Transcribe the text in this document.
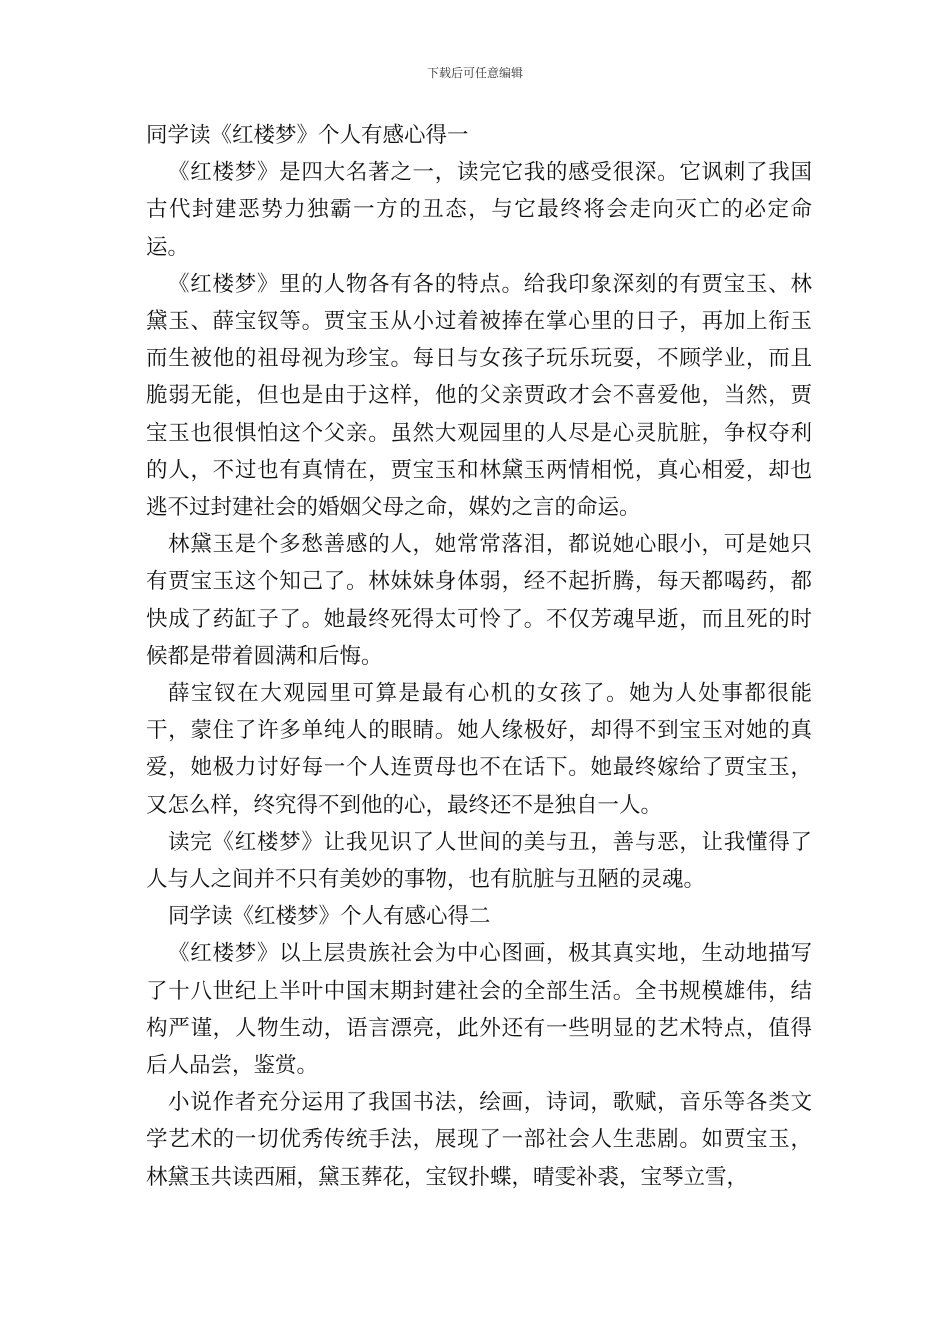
下载后可任意编辑
同学读《红楼梦》个人有感心得一

《红楼梦》是四大名著之一，读完它我的感受很深。它讽刺了我国古代封建恶势力独霸一方的丑态，与它最终将会走向灭亡的必定命运。

《红楼梦》里的人物各有各的特点。给我印象深刻的有贾宝玉、林黛玉、薛宝钗等。贾宝玉从小过着被捧在掌心里的日子，再加上衔玉而生被他的祖母视为珍宝。每日与女孩子玩乐玩耍，不顾学业，而且脆弱无能，但也是由于这样，他的父亲贾政才会不喜爱他，当然，贾宝玉也很惧怕这个父亲。虽然大观园里的人尽是心灵肮脏，争权夺利的人，不过也有真情在，贾宝玉和林黛玉两情相悦，真心相爱，却也逃不过封建社会的婚姻父母之命，媒妁之言的命运。

林黛玉是个多愁善感的人，她常常落泪，都说她心眼小，可是她只有贾宝玉这个知己了。林妹妹身体弱，经不起折腾，每天都喝药，都快成了药缸子了。她最终死得太可怜了。不仅芳魂早逝，而且死的时候都是带着圆满和后悔。

薛宝钗在大观园里可算是最有心机的女孩了。她为人处事都很能干，蒙住了许多单纯人的眼睛。她人缘极好，却得不到宝玉对她的真爱，她极力讨好每一个人连贾母也不在话下。她最终嫁给了贾宝玉，又怎么样，终究得不到他的心，最终还不是独自一人。

读完《红楼梦》让我见识了人世间的美与丑，善与恶，让我懂得了人与人之间并不只有美妙的事物，也有肮脏与丑陋的灵魂。

同学读《红楼梦》个人有感心得二

《红楼梦》以上层贵族社会为中心图画，极其真实地，生动地描写了十八世纪上半叶中国末期封建社会的全部生活。全书规模雄伟，结构严谨，人物生动，语言漂亮，此外还有一些明显的艺术特点，值得后人品尝，鉴赏。

小说作者充分运用了我国书法，绘画，诗词，歌赋，音乐等各类文学艺术的一切优秀传统手法，展现了一部社会人生悲剧。如贾宝玉，林黛玉共读西厢，黛玉葬花，宝钗扑蝶，晴雯补裘，宝琴立雪，
